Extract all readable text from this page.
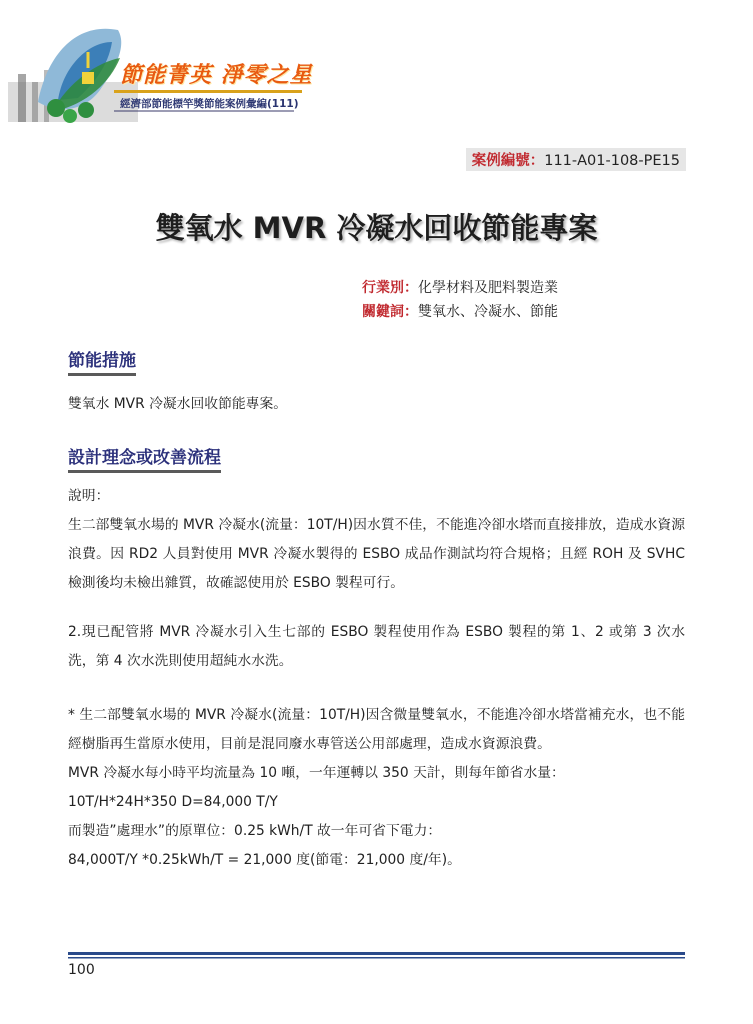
節能菁英 淨零之星
經濟部節能標竿獎節能案例彙編(111)
案例編號：111-A01-108-PE15
雙氧水 MVR 冷凝水回收節能專案
行業別：化學材料及肥料製造業
關鍵詞：雙氧水、冷凝水、節能
節能措施

雙氧水 MVR 冷凝水回收節能專案。

設計理念或改善流程

說明：

生二部雙氧水場的 MVR 冷凝水(流量：10T/H)因水質不佳，不能進冷卻水塔而直接排放，造成水資源浪費。因 RD2 人員對使用 MVR 冷凝水製得的 ESBO 成品作測試均符合規格；且經 ROH 及 SVHC 檢測後均未檢出雜質，故確認使用於 ESBO 製程可行。

2.現已配管將 MVR 冷凝水引入生七部的 ESBO 製程使用作為 ESBO 製程的第 1、2 或第 3 次水洗，第 4 次水洗則使用超純水水洗。

* 生二部雙氧水場的 MVR 冷凝水(流量：10T/H)因含微量雙氧水，不能進冷卻水塔當補充水，也不能經樹脂再生當原水使用，目前是混同廢水專管送公用部處理，造成水資源浪費。

MVR 冷凝水每小時平均流量為 10 噸，一年運轉以 350 天計，則每年節省水量：

10T/H*24H*350 D=84,000 T/Y

而製造”處理水”的原單位：0.25 kWh/T 故一年可省下電力：

84,000T/Y *0.25kWh/T = 21,000 度(節電：21,000 度/年)。

100
